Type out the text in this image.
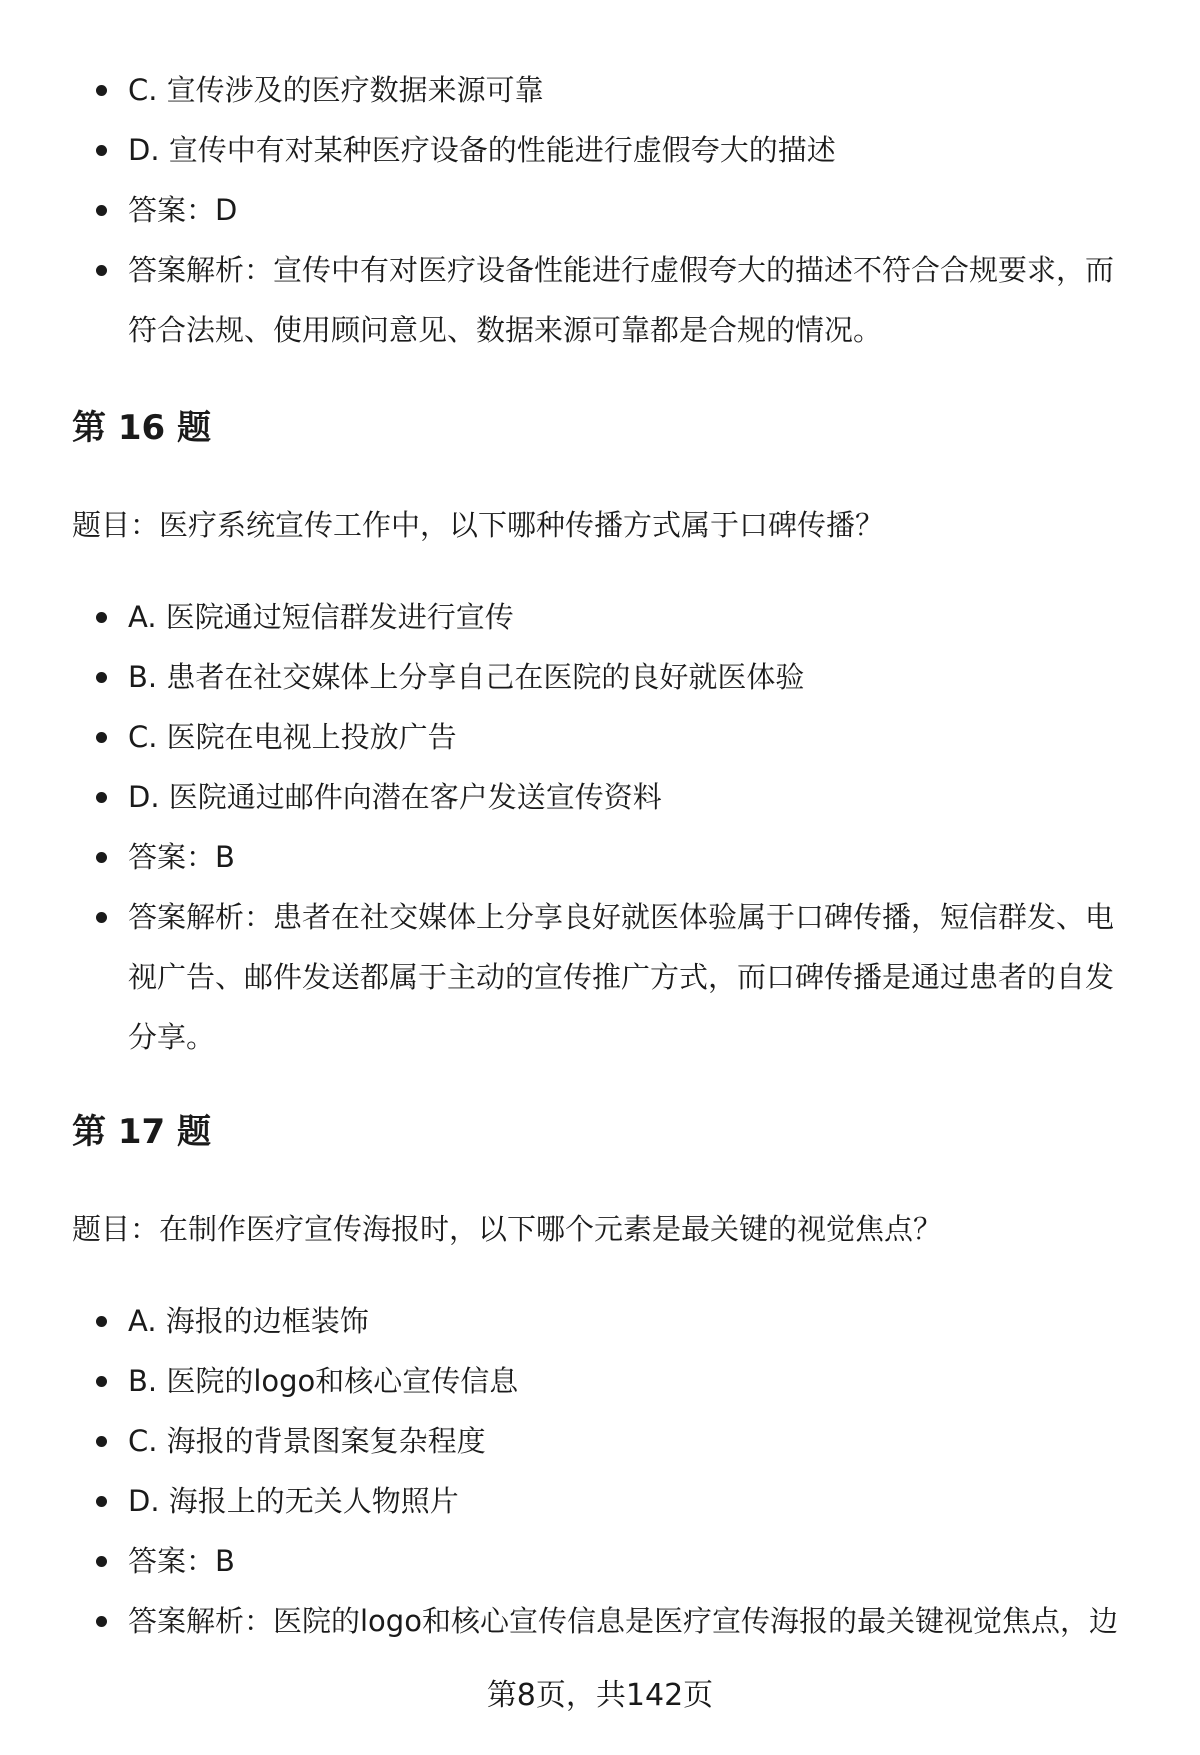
C. 宣传涉及的医疗数据来源可靠
D. 宣传中有对某种医疗设备的性能进行虚假夸大的描述
答案：D
答案解析：宣传中有对医疗设备性能进行虚假夸大的描述不符合合规要求，而
符合法规、使用顾问意见、数据来源可靠都是合规的情况。
第 16 题

题目：医疗系统宣传工作中，以下哪种传播方式属于口碑传播？

A. 医院通过短信群发进行宣传
B. 患者在社交媒体上分享自己在医院的良好就医体验
C. 医院在电视上投放广告
D. 医院通过邮件向潜在客户发送宣传资料
答案：B
答案解析：患者在社交媒体上分享良好就医体验属于口碑传播，短信群发、电
视广告、邮件发送都属于主动的宣传推广方式，而口碑传播是通过患者的自发
分享。
第 17 题

题目：在制作医疗宣传海报时，以下哪个元素是最关键的视觉焦点？

A. 海报的边框装饰
B. 医院的logo和核心宣传信息
C. 海报的背景图案复杂程度
D. 海报上的无关人物照片
答案：B
答案解析：医院的logo和核心宣传信息是医疗宣传海报的最关键视觉焦点，边
第8页，共142页
